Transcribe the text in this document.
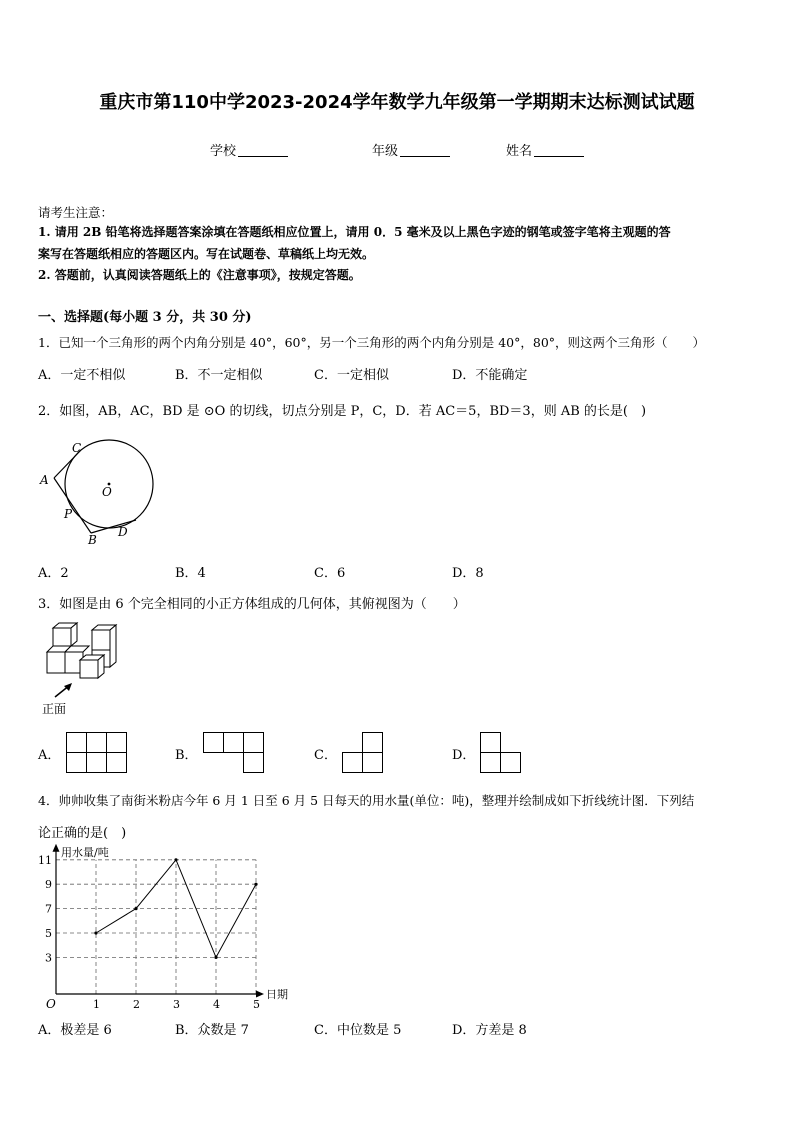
重庆市第110中学2023-2024学年数学九年级第一学期期末达标测试试题
学校	年级	姓名
请考生注意：
1. 请用 2B 铅笔将选择题答案涂填在答题纸相应位置上，请用 0．5 毫米及以上黑色字迹的钢笔或签字笔将主观题的答
案写在答题纸相应的答题区内。写在试题卷、草稿纸上均无效。
2. 答题前，认真阅读答题纸上的《注意事项》，按规定答题。
一、选择题(每小题 3 分，共 30 分)
1．已知一个三角形的两个内角分别是 40°，60°，另一个三角形的两个内角分别是 40°，80°，则这两个三角形（　　）
A．一定不相似	B．不一定相似	C．一定相似	D．不能确定
2．如图，AB，AC，BD 是 ⊙O 的切线，切点分别是 P，C，D．若 AC＝5，BD＝3，则 AB 的长是(　)
C
A
O
P
B
D
A．2	B．4	C．6	D．8
3．如图是由 6 个完全相同的小正方体组成的几何体，其俯视图为（　　）
正面
A．	B．	C．	D．
4．帅帅收集了南街米粉店今年 6 月 1 日至 6 月 5 日每天的用水量(单位：吨)，整理并绘制成如下折线统计图．下列结
论正确的是(　)
1	2	3	4	5
3
5
7
9
11
用水量/吨
日期
O
A．极差是 6	B．众数是 7	C．中位数是 5	D．方差是 8
